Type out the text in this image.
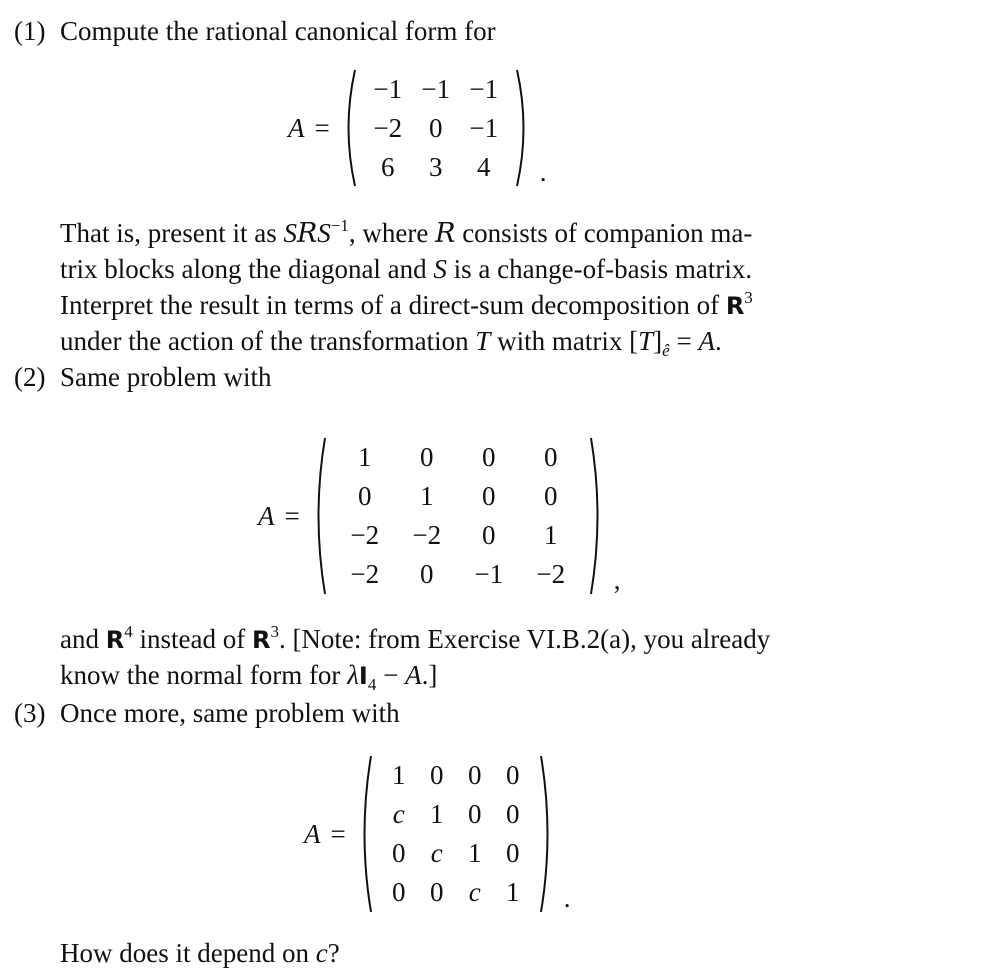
(1) Compute the rational canonical form for
A =
−1 −1 −1
−2 0 −1
6	3	4	.
That is, present it as $SRS^{-1}$, where R consists of companion ma-
trix blocks along the diagonal and S is a change-of-basis matrix.
Interpret the result in terms of a direct-sum decomposition of $R^3$
under the action of the transformation T with matrix $[T]_ê = A$.
(2) Same problem with
A =
1	0	0	0
0	1	0	0
−2	−2	0	1
−2	0	−1	−2	,
and $R^4$ instead of $R^3$. [Note: from Exercise VI.B.2(a), you already
know the normal form for $\lambda I_4 - A$.]
(3) Once more, same problem with
A =
1 0 0 0
c 1 0 0
0 c 1 0
0 0 c 1	.
How does it depend on c?
